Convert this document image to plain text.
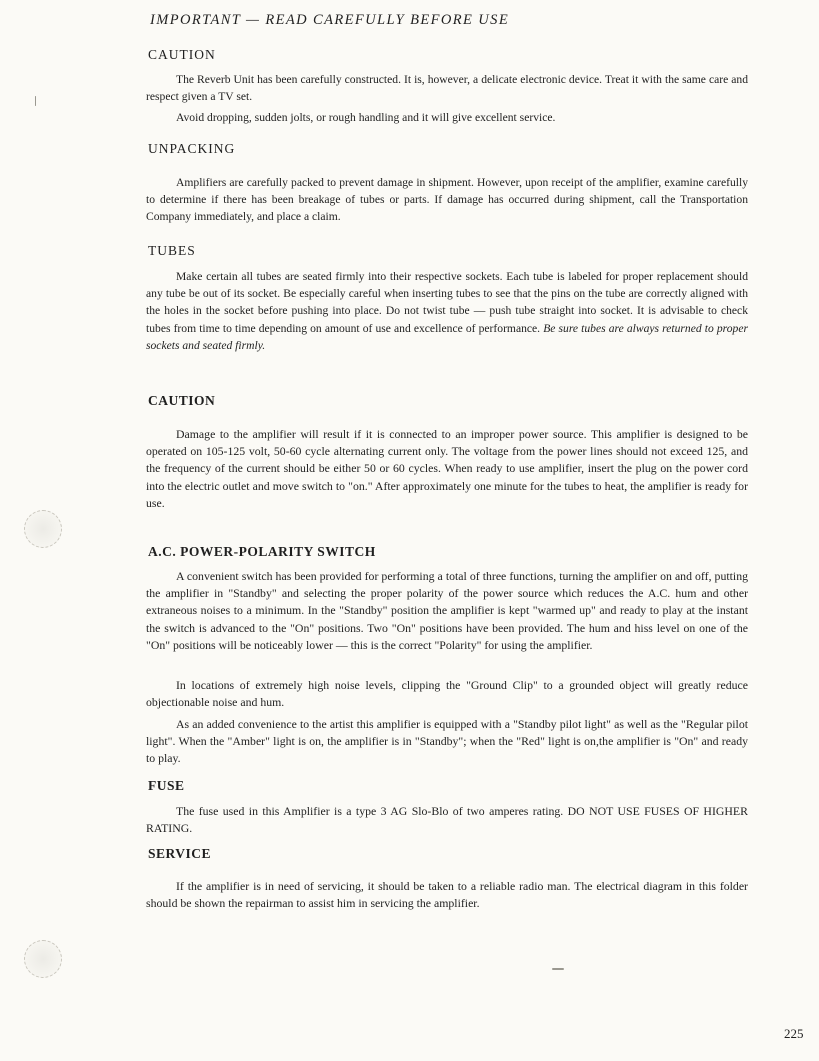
IMPORTANT — READ CAREFULLY BEFORE USE
CAUTION

The Reverb Unit has been carefully constructed. It is, however, a delicate electronic device. Treat it with the same care and respect given a TV set.

Avoid dropping, sudden jolts, or rough handling and it will give excellent service.

UNPACKING

Amplifiers are carefully packed to prevent damage in shipment. However, upon receipt of the amplifier, examine carefully to determine if there has been breakage of tubes or parts. If damage has occurred during shipment, call the Transportation Company immediately, and place a claim.

TUBES

Make certain all tubes are seated firmly into their respective sockets. Each tube is labeled for proper replacement should any tube be out of its socket. Be especially careful when inserting tubes to see that the pins on the tube are correctly aligned with the holes in the socket before pushing into place. Do not twist tube — push tube straight into socket. It is advisable to check tubes from time to time depending on amount of use and excellence of performance. Be sure tubes are always returned to proper sockets and seated firmly.

CAUTION

Damage to the amplifier will result if it is connected to an improper power source. This amplifier is designed to be operated on 105-125 volt, 50-60 cycle alternating current only. The voltage from the power lines should not exceed 125, and the frequency of the current should be either 50 or 60 cycles. When ready to use amplifier, insert the plug on the power cord into the electric outlet and move switch to "on." After approximately one minute for the tubes to heat, the amplifier is ready for use.

A.C. POWER-POLARITY SWITCH

A convenient switch has been provided for performing a total of three functions, turning the amplifier on and off, putting the amplifier in "Standby" and selecting the proper polarity of the power source which reduces the A.C. hum and other extraneous noises to a minimum. In the "Standby" position the amplifier is kept "warmed up" and ready to play at the instant the switch is advanced to the "On" positions. Two "On" positions have been provided. The hum and hiss level on one of the "On" positions will be noticeably lower — this is the correct "Polarity" for using the amplifier.

In locations of extremely high noise levels, clipping the "Ground Clip" to a grounded object will greatly reduce objectionable noise and hum.

As an added convenience to the artist this amplifier is equipped with a "Standby pilot light" as well as the "Regular pilot light". When the "Amber" light is on, the amplifier is in "Standby"; when the "Red" light is on,the amplifier is "On" and ready to play.

FUSE

The fuse used in this Amplifier is a type 3 AG Slo-Blo of two amperes rating. DO NOT USE FUSES OF HIGHER RATING.

SERVICE

If the amplifier is in need of servicing, it should be taken to a reliable radio man. The electrical diagram in this folder should be shown the repairman to assist him in servicing the amplifier.

225
